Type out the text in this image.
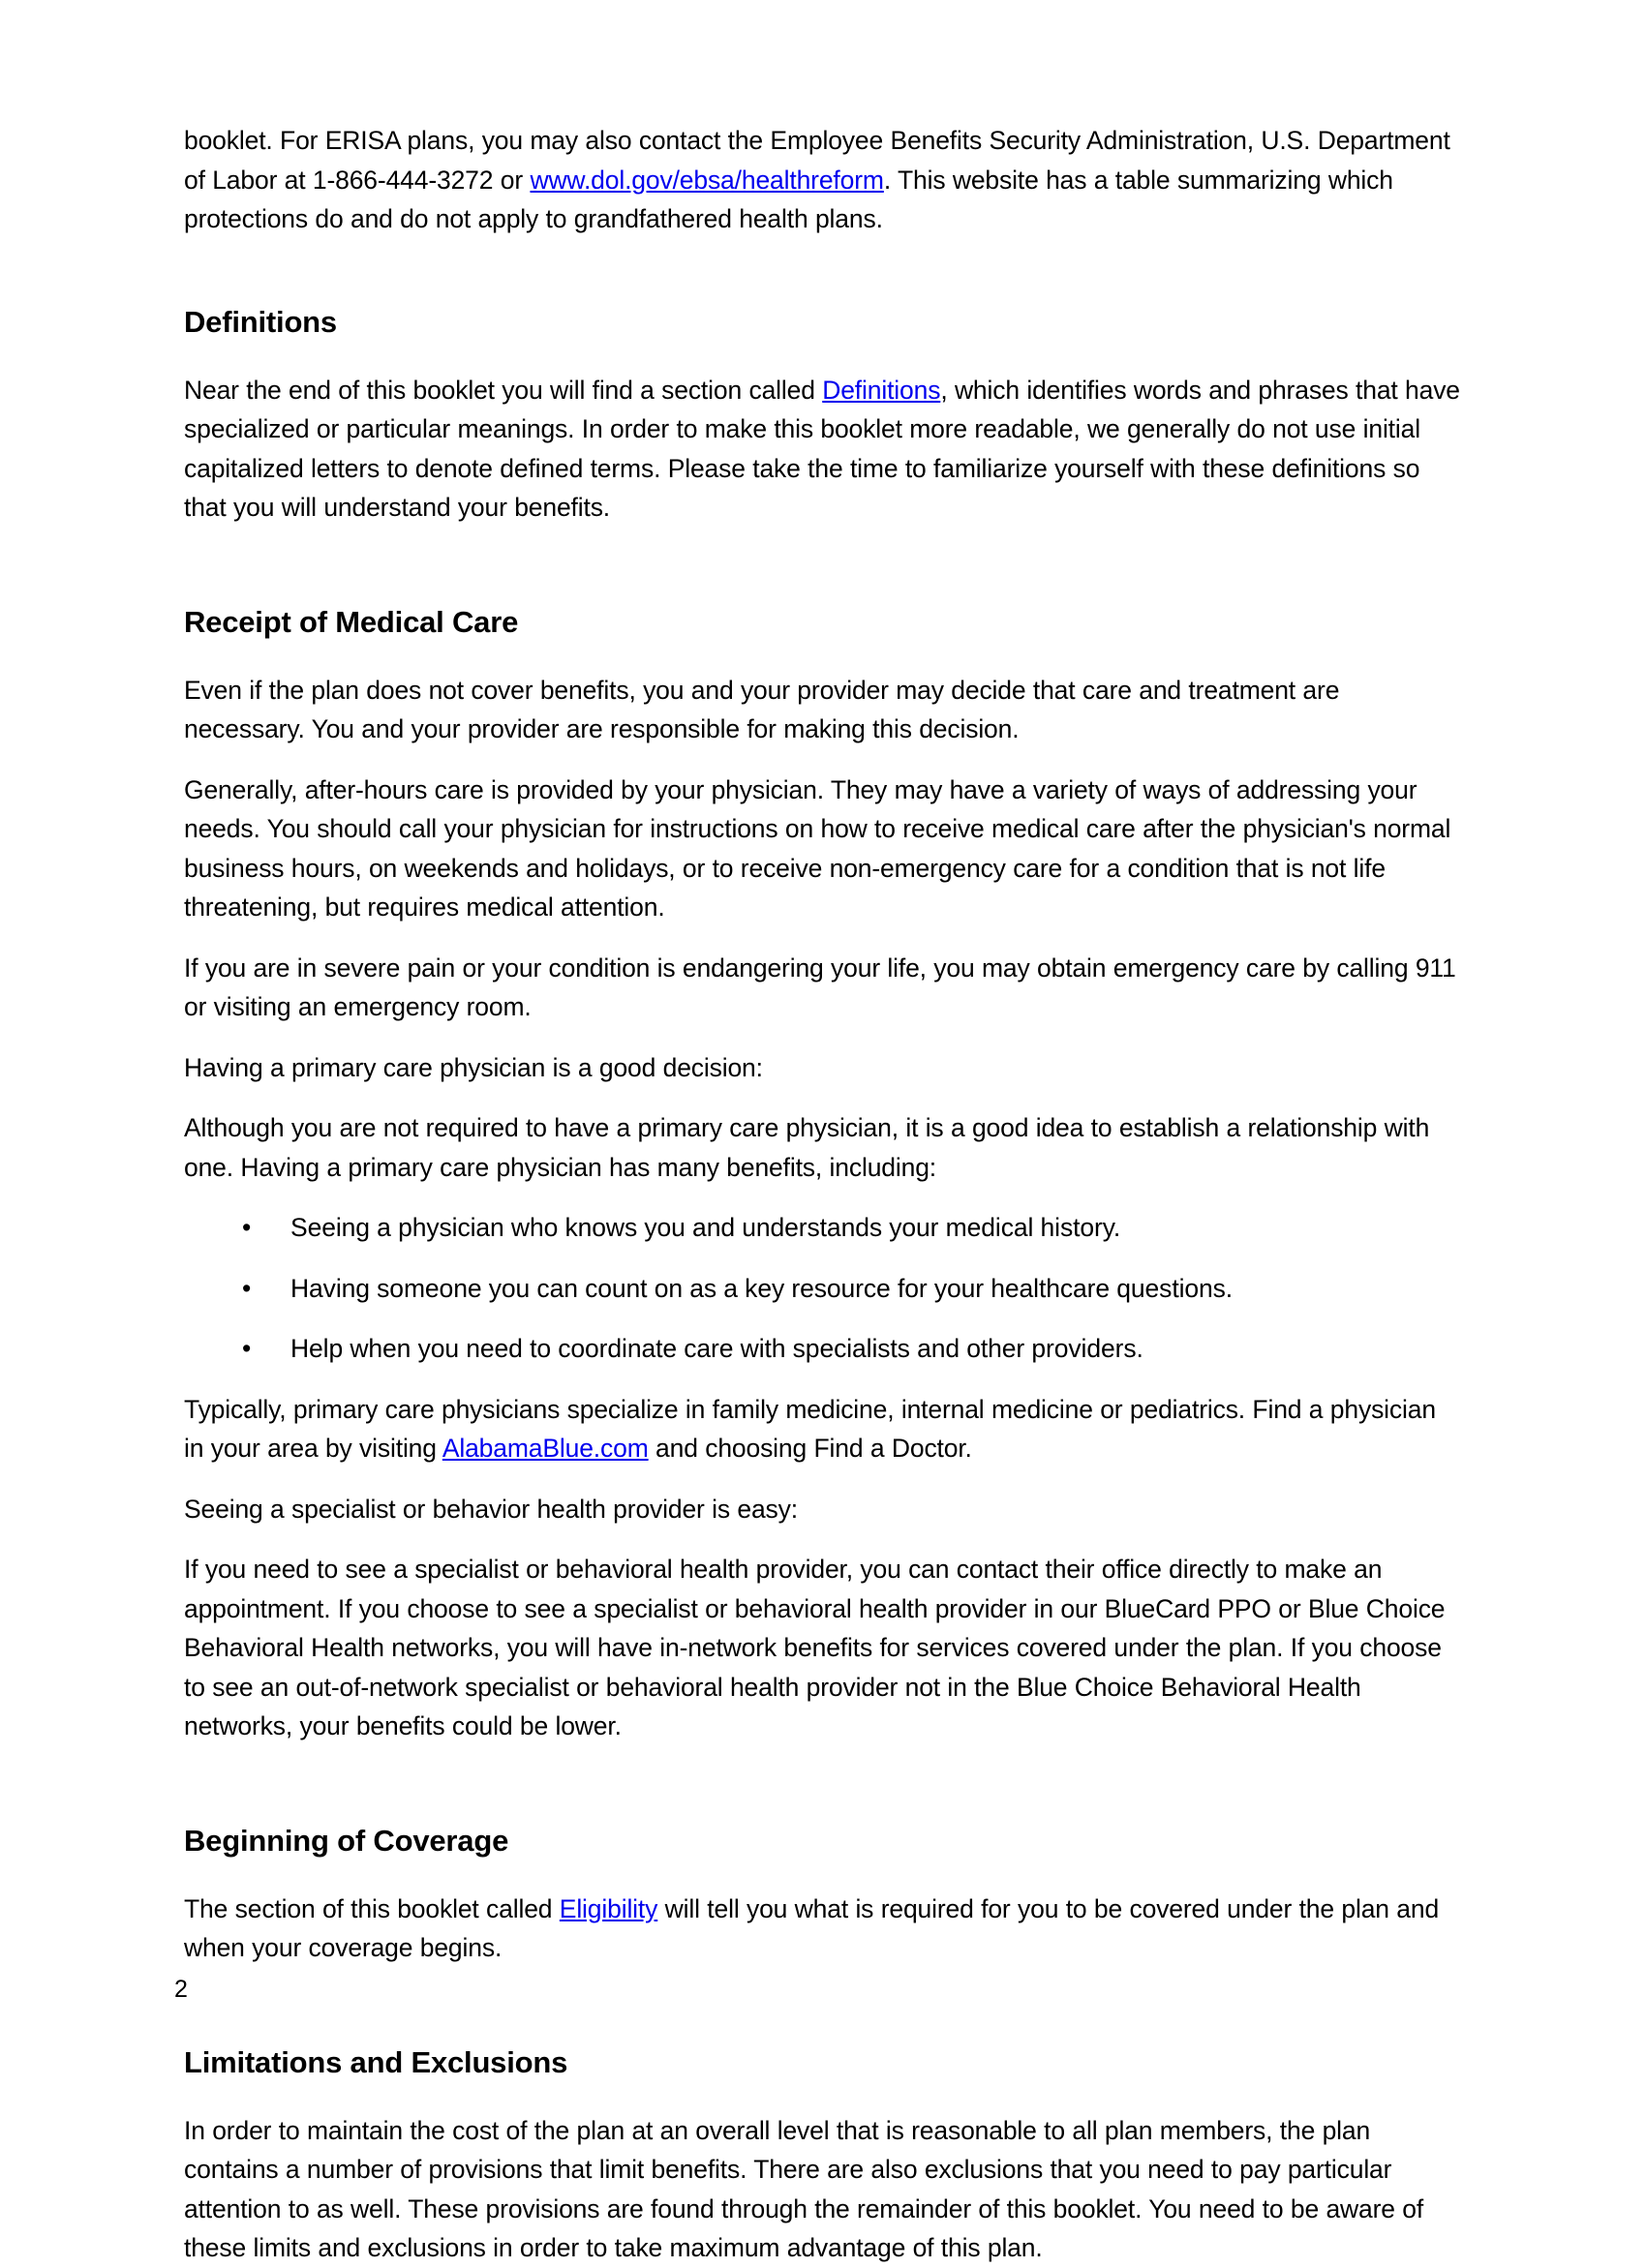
booklet. For ERISA plans, you may also contact the Employee Benefits Security Administration, U.S. Department of Labor at 1-866-444-3272 or www.dol.gov/ebsa/healthreform. This website has a table summarizing which protections do and do not apply to grandfathered health plans.

Definitions

Near the end of this booklet you will find a section called Definitions, which identifies words and phrases that have specialized or particular meanings. In order to make this booklet more readable, we generally do not use initial capitalized letters to denote defined terms. Please take the time to familiarize yourself with these definitions so that you will understand your benefits.

Receipt of Medical Care

Even if the plan does not cover benefits, you and your provider may decide that care and treatment are necessary. You and your provider are responsible for making this decision.

Generally, after-hours care is provided by your physician. They may have a variety of ways of addressing your needs. You should call your physician for instructions on how to receive medical care after the physician's normal business hours, on weekends and holidays, or to receive non-emergency care for a condition that is not life threatening, but requires medical attention.

If you are in severe pain or your condition is endangering your life, you may obtain emergency care by calling 911 or visiting an emergency room.

Having a primary care physician is a good decision:

Although you are not required to have a primary care physician, it is a good idea to establish a relationship with one. Having a primary care physician has many benefits, including:

• Seeing a physician who knows you and understands your medical history.
• Having someone you can count on as a key resource for your healthcare questions.
• Help when you need to coordinate care with specialists and other providers.

Typically, primary care physicians specialize in family medicine, internal medicine or pediatrics. Find a physician in your area by visiting AlabamaBlue.com and choosing Find a Doctor.

Seeing a specialist or behavior health provider is easy:

If you need to see a specialist or behavioral health provider, you can contact their office directly to make an appointment. If you choose to see a specialist or behavioral health provider in our BlueCard PPO or Blue Choice Behavioral Health networks, you will have in-network benefits for services covered under the plan. If you choose to see an out-of-network specialist or behavioral health provider not in the Blue Choice Behavioral Health networks, your benefits could be lower.

Beginning of Coverage

The section of this booklet called Eligibility will tell you what is required for you to be covered under the plan and when your coverage begins.

Limitations and Exclusions

In order to maintain the cost of the plan at an overall level that is reasonable to all plan members, the plan contains a number of provisions that limit benefits. There are also exclusions that you need to pay particular attention to as well. These provisions are found through the remainder of this booklet. You need to be aware of these limits and exclusions in order to take maximum advantage of this plan.

2
